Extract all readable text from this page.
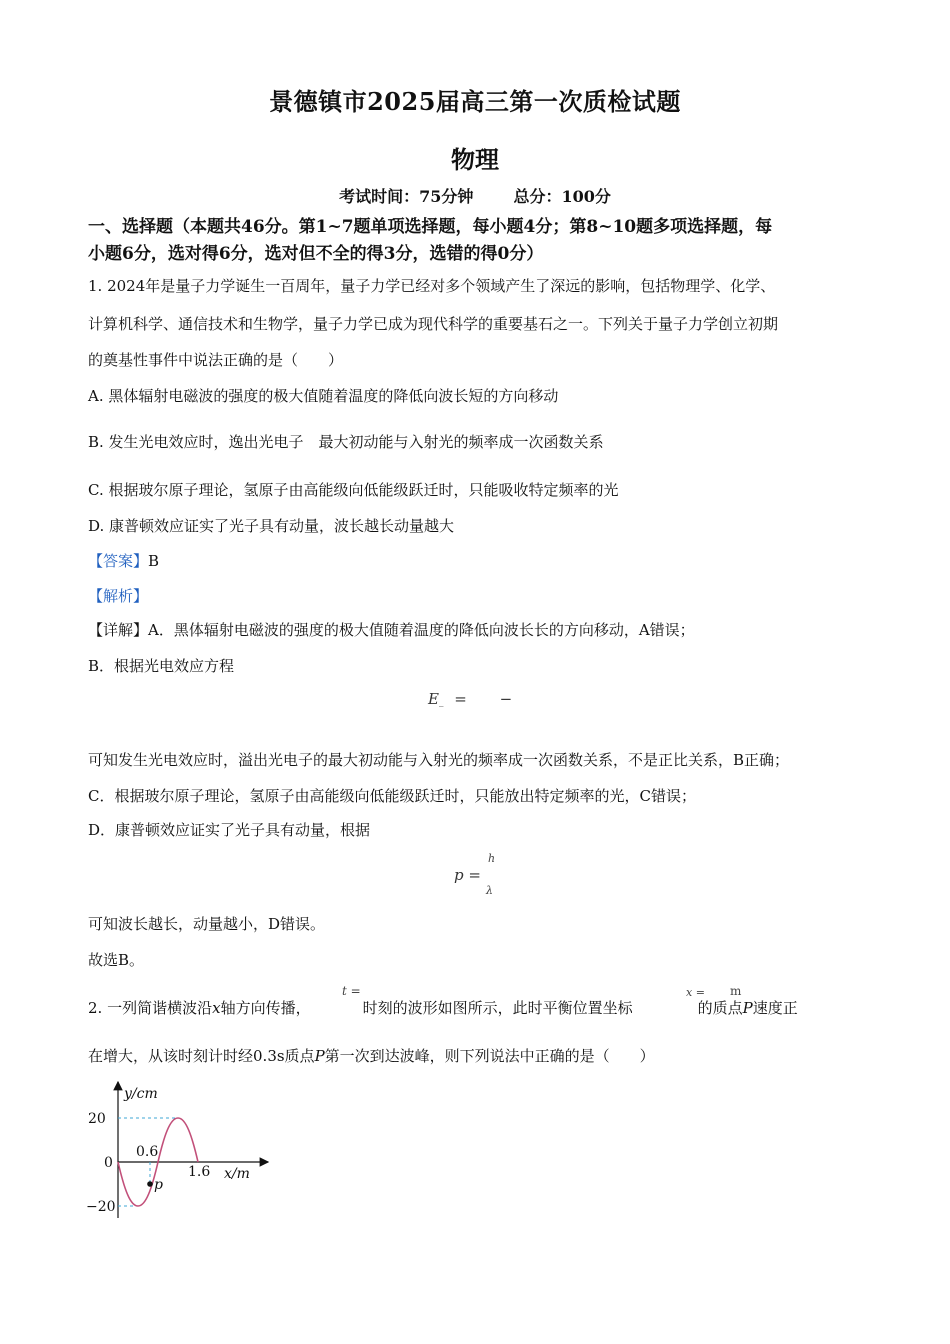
景德镇市2025届高三第一次质检试题
物理
考试时间：75分钟	总分：100分
一、选择题（本题共46分。第1~7题单项选择题，每小题4分；第8~10题多项选择题，每
小题6分，选对得6分，选对但不全的得3分，选错的得0分）
1. 2024年是量子力学诞生一百周年，量子力学已经对多个领域产生了深远的影响，包括物理学、化学、
计算机科学、通信技术和生物学，量子力学已成为现代科学的重要基石之一。下列关于量子力学创立初期
的奠基性事件中说法正确的是（　　）
A. 黑体辐射电磁波的强度的极大值随着温度的降低向波长短的方向移动
B. 发生光电效应时，逸出光电子　最大初动能与入射光的频率成一次函数关系
C. 根据玻尔原子理论，氢原子由高能级向低能级跃迁时，只能吸收特定频率的光
D. 康普顿效应证实了光子具有动量，波长越长动量越大
【答案】B
【解析】
【详解】A．黑体辐射电磁波的强度的极大值随着温度的降低向波长长的方向移动，A错误；
B．根据光电效应方程
E_ = −
可知发生光电效应时，溢出光电子的最大初动能与入射光的频率成一次函数关系，不是正比关系，B正确；
C．根据玻尔原子理论，氢原子由高能级向低能级跃迁时，只能放出特定频率的光，C错误；
D．康普顿效应证实了光子具有动量，根据
p =
h
λ
可知波长越长，动量越小，D错误。
故选B。
t =	x = m
2. 一列简谐横波沿x轴方向传播，	时刻的波形如图所示，此时平衡位置坐标	的质点P速度正
在增大，从该时刻计时经0.3s质点P第一次到达波峰，则下列说法中正确的是（　　）
y/cm
20
0
−20
0.6
1.6 x/m
p
